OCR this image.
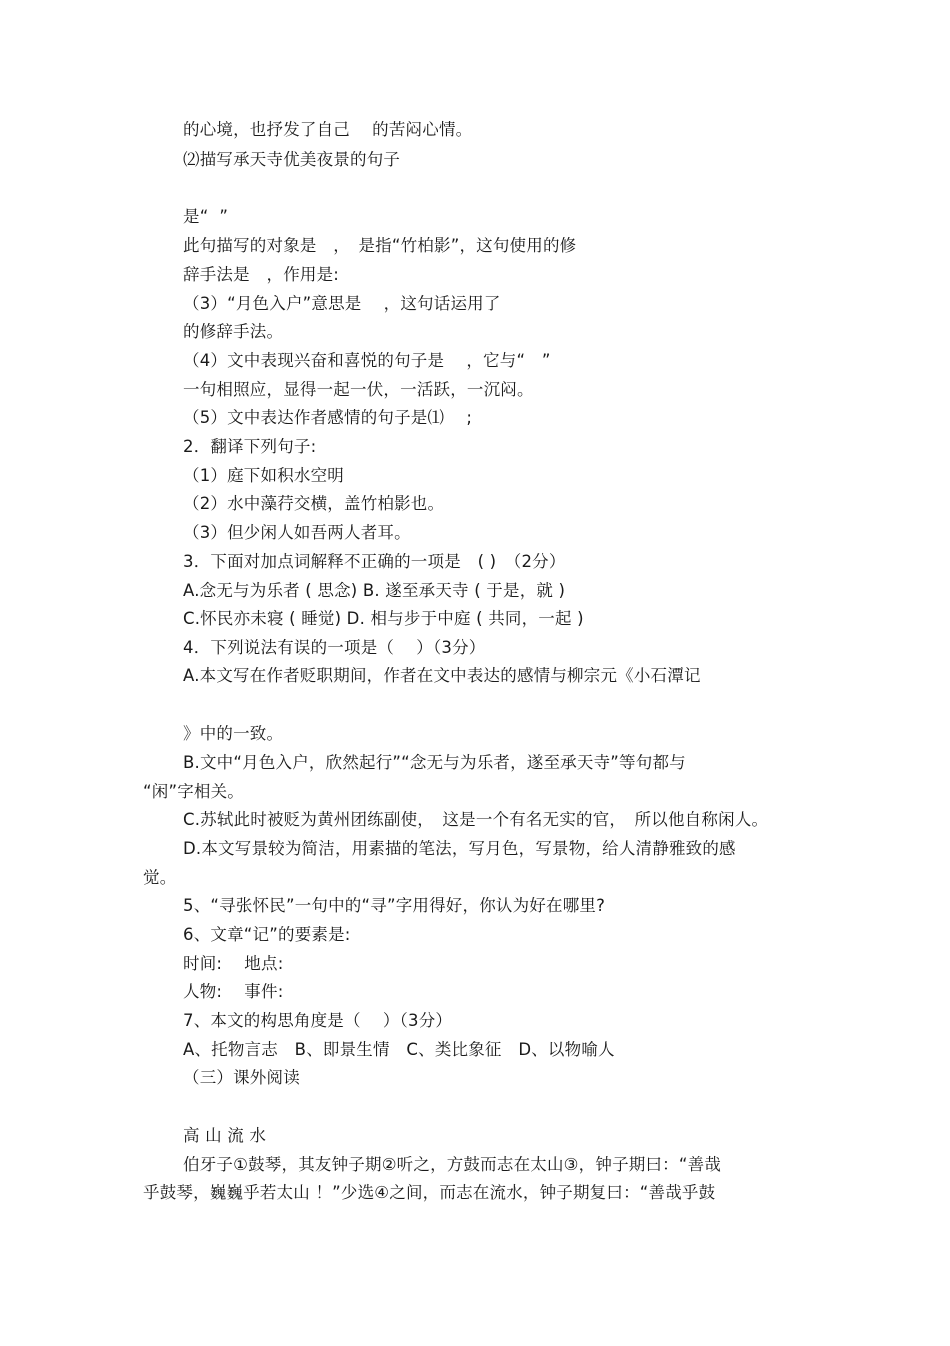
的心境，也抒发了自己　 的苦闷心情。
⑵描写承天寺优美夜景的句子
是“  ”
此句描写的对象是　，　是指“竹柏影”，这句使用的修
辞手法是　，作用是:
（3）“月色入户”意思是　 ，这句话运用了
的修辞手法。
（4）文中表现兴奋和喜悦的句子是　 ，它与“　”
一句相照应，显得一起一伏，一活跃，一沉闷。
（5）文中表达作者感情的句子是⑴　 ;
2．翻译下列句子:
（1）庭下如积水空明
（2）水中藻荇交横，盖竹柏影也。
（3）但少闲人如吾两人者耳。
3．下面对加点词解释不正确的一项是　( )　（2分）
A.念无与为乐者 ( 思念) B. 遂至承天寺 ( 于是，就 )
C.怀民亦未寝 ( 睡觉) D. 相与步于中庭 ( 共同，一起 )
4．下列说法有误的一项是（　 ）（3分）
A.本文写在作者贬职期间，作者在文中表达的感情与柳宗元《小石潭记
》中的一致。
B.文中“月色入户，欣然起行”“念无与为乐者，遂至承天寺”等句都与
“闲”字相关。
C.苏轼此时被贬为黄州团练副使，　这是一个有名无实的官，　所以他自称闲人。
D.本文写景较为简洁，用素描的笔法，写月色，写景物，给人清静雅致的感
觉。
5、“寻张怀民”一句中的“寻”字用得好，你认为好在哪里?
6、文章“记”的要素是:
时间:　 地点:
人物:　 事件:
7、本文的构思角度是（　 ）（3分）
A、托物言志　B、即景生情　C、类比象征　D、以物喻人
（三）课外阅读
高 山 流 水
伯牙子①鼓琴，其友钟子期②听之，方鼓而志在太山③，钟子期曰：“善哉
乎鼓琴，巍巍乎若太山 ！”少选④之间，而志在流水，钟子期复曰：“善哉乎鼓
